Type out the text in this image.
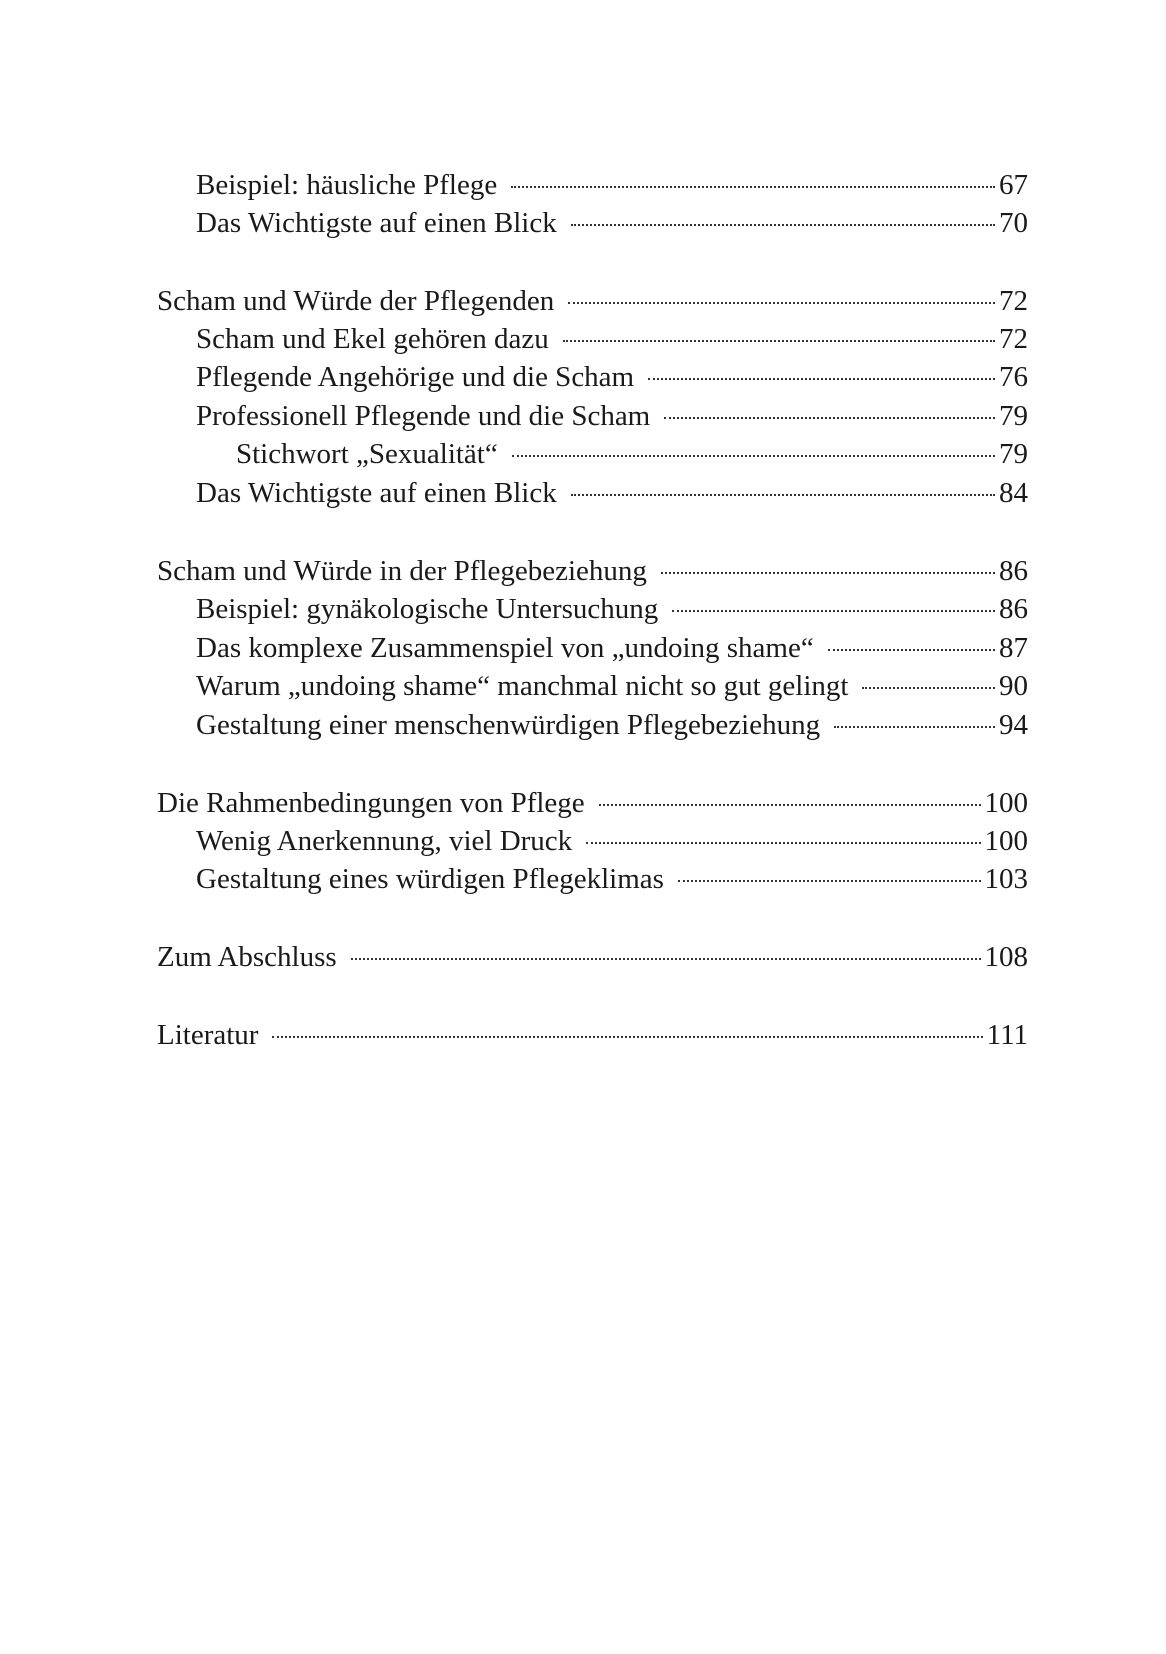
Beispiel: häusliche Pflege	67
Das Wichtigste auf einen Blick	70
Scham und Würde der Pflegenden	72
Scham und Ekel gehören dazu	72
Pflegende Angehörige und die Scham	76
Professionell Pflegende und die Scham	79
Stichwort „Sexualität“	79
Das Wichtigste auf einen Blick	84
Scham und Würde in der Pflegebeziehung	86
Beispiel: gynäkologische Untersuchung	86
Das komplexe Zusammenspiel von „undoing shame“	87
Warum „undoing shame“ manchmal nicht so gut gelingt	90
Gestaltung einer menschenwürdigen Pflegebeziehung	94
Die Rahmenbedingungen von Pflege	100
Wenig Anerkennung, viel Druck	100
Gestaltung eines würdigen Pflegeklimas	103
Zum Abschluss	108
Literatur	111
